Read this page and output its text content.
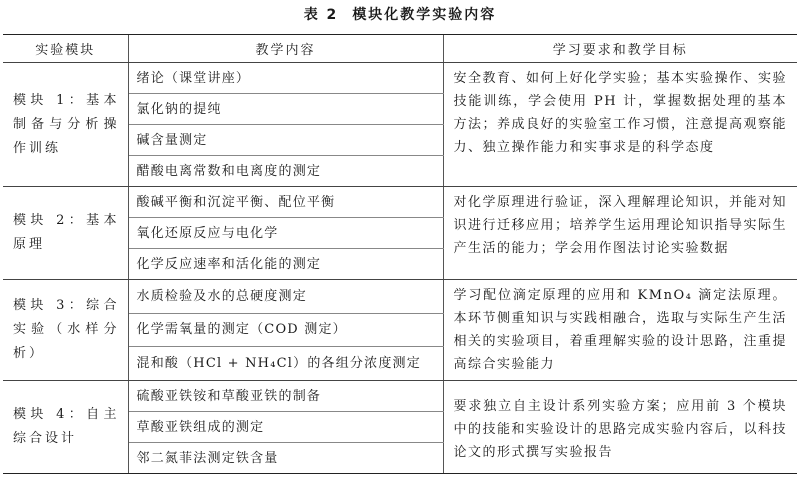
表 2 模块化教学实验内容
实验模块	教学内容	学习要求和教学目标
模块 1：基本制备与分析操作训练	绪论（课堂讲座）	安全教育、如何上好化学实验；基本实验操作、实验技能训练，学会使用 PH 计，掌握数据处理的基本方法；养成良好的实验室工作习惯，注意提高观察能力、独立操作能力和实事求是的科学态度
	氯化钠的提纯	
	碱含量测定	
	醋酸电离常数和电离度的测定	
模块 2：基本原理	酸碱平衡和沉淀平衡、配位平衡	对化学原理进行验证，深入理解理论知识，并能对知识进行迁移应用；培养学生运用理论知识指导实际生产生活的能力；学会用作图法讨论实验数据
	氧化还原反应与电化学	
	化学反应速率和活化能的测定	
模块 3：综合实验（水样分析）	水质检验及水的总硬度测定	学习配位滴定原理的应用和 KMnO₄ 滴定法原理。本环节侧重知识与实践相融合，选取与实际生产生活相关的实验项目，着重理解实验的设计思路，注重提高综合实验能力
	化学需氧量的测定（COD 测定）	
	混和酸（HCl + NH₄Cl）的各组分浓度测定	
模块 4：自主综合设计	硫酸亚铁铵和草酸亚铁的制备	要求独立自主设计系列实验方案；应用前 3 个模块中的技能和实验设计的思路完成实验内容后，以科技论文的形式撰写实验报告
	草酸亚铁组成的测定	
	邻二氮菲法测定铁含量	
